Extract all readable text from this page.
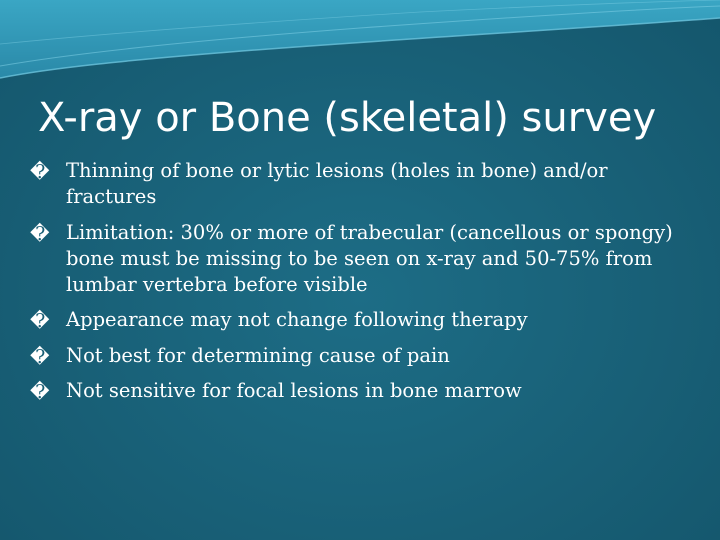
X-ray or Bone (skeletal) survey
� Thinning of bone or lytic lesions (holes in bone) and/or fractures
� Limitation: 30% or more of trabecular (cancellous or spongy) bone must be missing to be seen on x-ray and 50-75% from lumbar vertebra before visible
� Appearance may not change following therapy
� Not best for determining cause of pain
� Not sensitive for focal lesions in bone marrow
